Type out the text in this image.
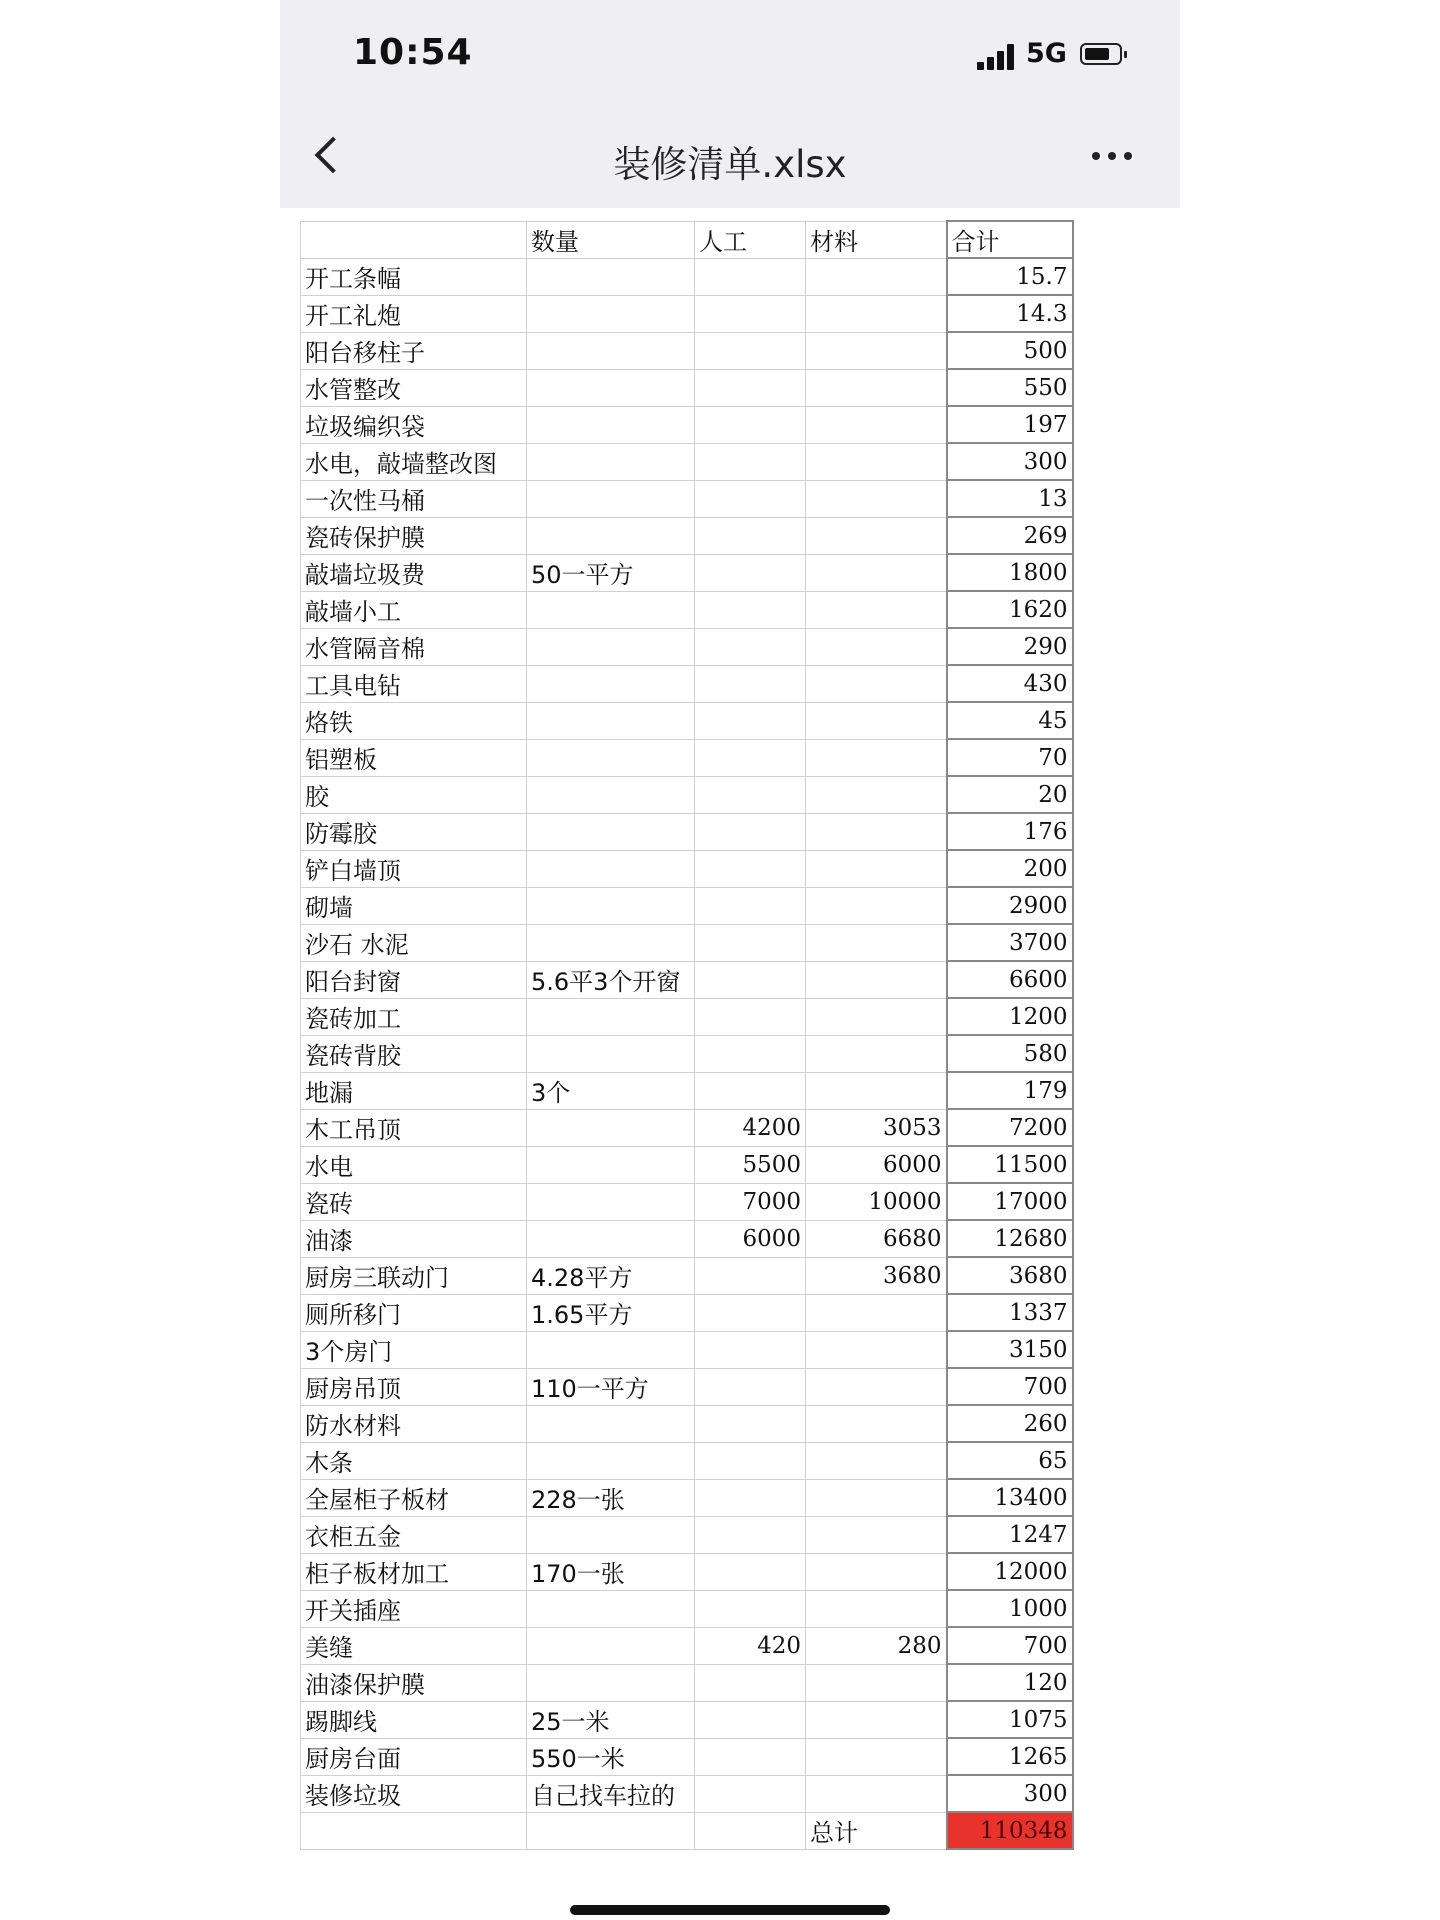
10:54	5G
装修清单.xlsx
	数量	人工	材料	合计
开工条幅				15.7
开工礼炮				14.3
阳台移柱子				500
水管整改				550
垃圾编织袋				197
水电，敲墙整改图				300
一次性马桶				13
瓷砖保护膜				269
敲墙垃圾费	50一平方			1800
敲墙小工				1620
水管隔音棉				290
工具电钻				430
烙铁				45
铝塑板				70
胶				20
防霉胶				176
铲白墙顶				200
砌墙				2900
沙石 水泥				3700
阳台封窗	5.6平3个开窗			6600
瓷砖加工				1200
瓷砖背胶				580
地漏	3个			179
木工吊顶		4200	3053	7200
水电		5500	6000	11500
瓷砖		7000	10000	17000
油漆		6000	6680	12680
厨房三联动门	4.28平方		3680	3680
厕所移门	1.65平方			1337
3个房门				3150
厨房吊顶	110一平方			700
防水材料				260
木条				65
全屋柜子板材	228一张			13400
衣柜五金				1247
柜子板材加工	170一张			12000
开关插座				1000
美缝		420	280	700
油漆保护膜				120
踢脚线	25一米			1075
厨房台面	550一米			1265
装修垃圾	自己找车拉的			300
			总计	110348
